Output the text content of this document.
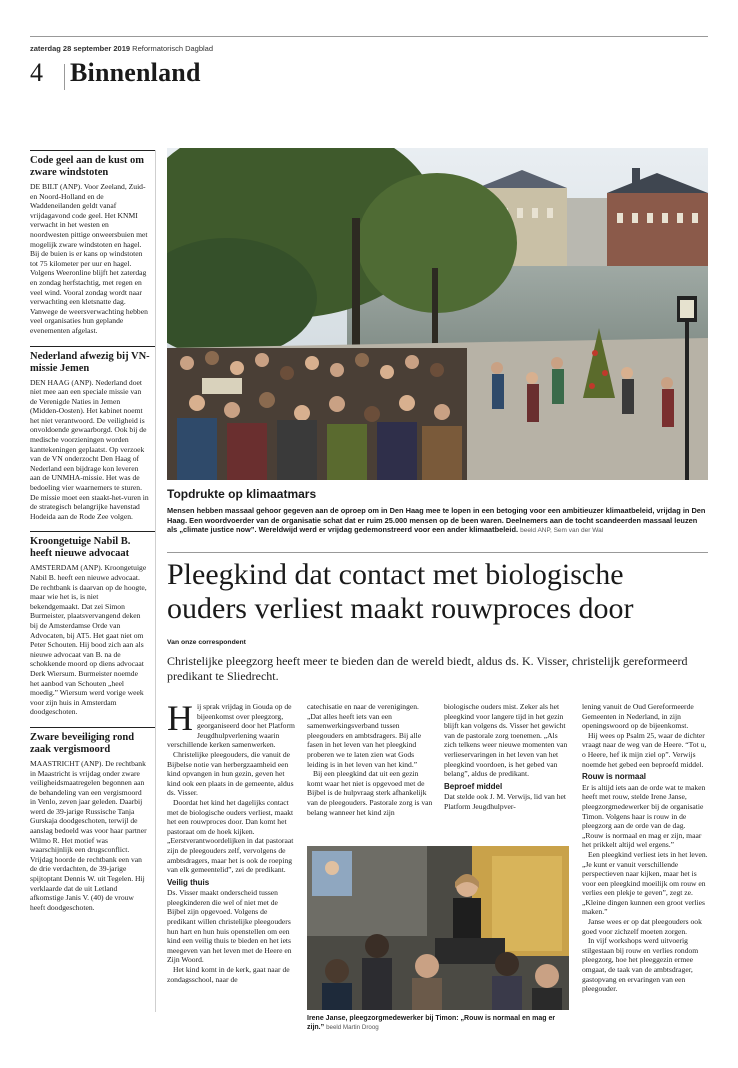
zaterdag 28 september 2019 Reformatorisch Dagblad
4 Binnenland
Code geel aan de kust om zware windstoten

DE BILT (ANP). Voor Zeeland, Zuid- en Noord-Holland en de Waddeneilanden geldt vanaf vrijdagavond code geel. Het KNMI verwacht in het westen en noordwesten pittige onweersbuien met mogelijk zware windstoten en hagel. Bij de buien is er kans op windstoten tot 75 kilometer per uur en hagel. Volgens Weeronline blijft het zaterdag en zondag herfstachtig, met regen en veel wind. Vooral zondag wordt naar verwachting een kletsnatte dag. Vanwege de weersverwachting hebben veel organisaties hun geplande evenementen afgelast.

Nederland afwezig bij VN-missie Jemen

DEN HAAG (ANP). Nederland doet niet mee aan een speciale missie van de Verenigde Naties in Jemen (Midden-Oosten). Het kabinet noemt het niet verantwoord. De veiligheid is onvoldoende gewaarborgd. Ook bij de medische voorzieningen worden kanttekeningen geplaatst. Op verzoek van de VN onderzocht Den Haag of Nederland een bijdrage kon leveren aan de UNMHA-missie. Het was de bedoeling vier waarnemers te sturen. De missie moet een staakt-het-vuren in de strategisch belangrijke havenstad Hodeida aan de Rode Zee volgen.

Kroongetuige Nabil B. heeft nieuwe advocaat

AMSTERDAM (ANP). Kroongetuige Nabil B. heeft een nieuwe advocaat. De rechtbank is daarvan op de hoogte, maar wie het is, is niet bekendgemaakt. Dat zei Simon Burmeister, plaatsvervangend deken bij de Amsterdamse Orde van Advocaten, bij AT5. Het gaat niet om Peter Schouten. Hij bood zich aan als nieuwe advocaat van B. na de schokkende moord op diens advocaat Derk Wiersum. Burmeister noemde het aanbod van Schouten „heel moedig.” Wiersum werd vorige week voor zijn huis in Amsterdam doodgeschoten.

Zware beveiliging rond zaak vergismoord

MAASTRICHT (ANP). De rechtbank in Maastricht is vrijdag onder zware veiligheidsmaatregelen begonnen aan de behandeling van een vergismoord in Venlo, zeven jaar geleden. Daarbij werd de 39-jarige Russische Tanja Gurskaja doodgeschoten, terwijl de aanslag bedoeld was voor haar partner Wilmo R. Het motief was waarschijnlijk een drugsconflict. Vrijdag hoorde de rechtbank een van de drie verdachten, de 39-jarige spijtoptant Dennis W. uit Tegelen. Hij verklaarde dat de uit Letland afkomstige Janis V. (40) de vrouw heeft doodgeschoten.

Topdrukte op klimaatmars
Mensen hebben massaal gehoor gegeven aan de oproep om in Den Haag mee te lopen in een betoging voor een ambitieuzer klimaatbeleid, vrijdag in Den Haag. Een woordvoerder van de organisatie schat dat er ruim 25.000 mensen op de been waren. Deelnemers aan de tocht scandeerden massaal leuzen als „climate justice now”. Wereldwijd werd er vrijdag gedemonstreerd voor een ander klimaatbeleid. beeld ANP, Sem van der Wal
Pleegkind dat contact met biologische ouders verliest maakt rouwproces door
Van onze correspondent
Christelijke pleegzorg heeft meer te bieden dan de wereld biedt, aldus ds. K. Visser, christelijk gereformeerd predikant te Sliedrecht.
H ij sprak vrijdag in Gouda op de bijeenkomst over pleegzorg, georganiseerd door het Platform Jeugdhulpverlening waarin verschillende kerken samenwerken.

Christelijke pleegouders, die vanuit de Bijbelse notie van herbergzaamheid een kind opvangen in hun gezin, geven het kind ook een plaats in de gemeente, aldus ds. Visser.

Doordat het kind het dagelijks contact met de biologische ouders verliest, maakt het een rouwproces door. Dan komt het pastoraat om de hoek kijken. „Eerstverantwoordelijken in dat pastoraat zijn de pleegouders zelf, vervolgens de ambtsdragers, maar het is ook de roeping van elk gemeentelid”, zei de predikant.

Veilig thuis

Ds. Visser maakt onderscheid tussen pleegkinderen die wel of niet met de Bijbel zijn opgevoed. Volgens de predikant willen christelijke pleegouders hun hart en hun huis openstellen om een kind een veilig thuis te bieden en het iets meegeven van het leven met de Heere en Zijn Woord.

Het kind komt in de kerk, gaat naar de zondagsschool, naar de

catechisatie en naar de verenigingen. „Dat alles heeft iets van een samenwerkingsverband tussen pleegouders en ambtsdragers. Bij alle fasen in het leven van het pleegkind proberen we te laten zien wat Gods leiding is in het leven van het kind.”

Bij een pleegkind dat uit een gezin komt waar het niet is opgevoed met de Bijbel is de hulpvraag sterk afhankelijk van de pleegouders. Pastorale zorg is van belang wanneer het kind zijn

biologische ouders mist. Zeker als het pleegkind voor langere tijd in het gezin blijft kan volgens ds. Visser het gewicht van de pastorale zorg toenemen. „Als zich telkens weer nieuwe momenten van verlieservaringen in het leven van het pleegkind voordoen, is het gebed van belang”, aldus de predikant.

Beproef middel

Dat stelde ook J. M. Verwijs, lid van het Platform Jeugdhulpver-

lening vanuit de Oud Gereformeerde Gemeenten in Nederland, in zijn openingswoord op de bijeenkomst.

Hij wees op Psalm 25, waar de dichter vraagt naar de weg van de Heere. “Tot u, o Heere, hef ik mijn ziel op”. Verwijs noemde het gebed een beproefd middel.

Rouw is normaal

Er is altijd iets aan de orde wat te maken heeft met rouw, stelde Irene Janse, pleegzorgmedewerker bij de organisatie Timon. Volgens haar is rouw in de pleegzorg aan de orde van de dag. „Rouw is normaal en mag er zijn, maar het prikkelt altijd wel ergens.”

Een pleegkind verliest iets in het leven. „Je kunt er vanuit verschillende perspectieven naar kijken, maar het is voor een pleegkind moeilijk om rouw en verlies een plekje te geven”, zegt ze. „Kleine dingen kunnen een groot verlies maken.”

Janse wees er op dat pleegouders ook goed voor zichzelf moeten zorgen.

In vijf workshops werd uitvoerig stilgestaan bij rouw en verlies rondom pleegzorg, hoe het pleeggezin ermee omgaat, de taak van de ambtsdrager, gastopvang en ervaringen van een pleegouder.

Irene Janse, pleegzorgmedewerker bij Timon: „Rouw is normaal en mag er zijn.” beeld Martin Droog
